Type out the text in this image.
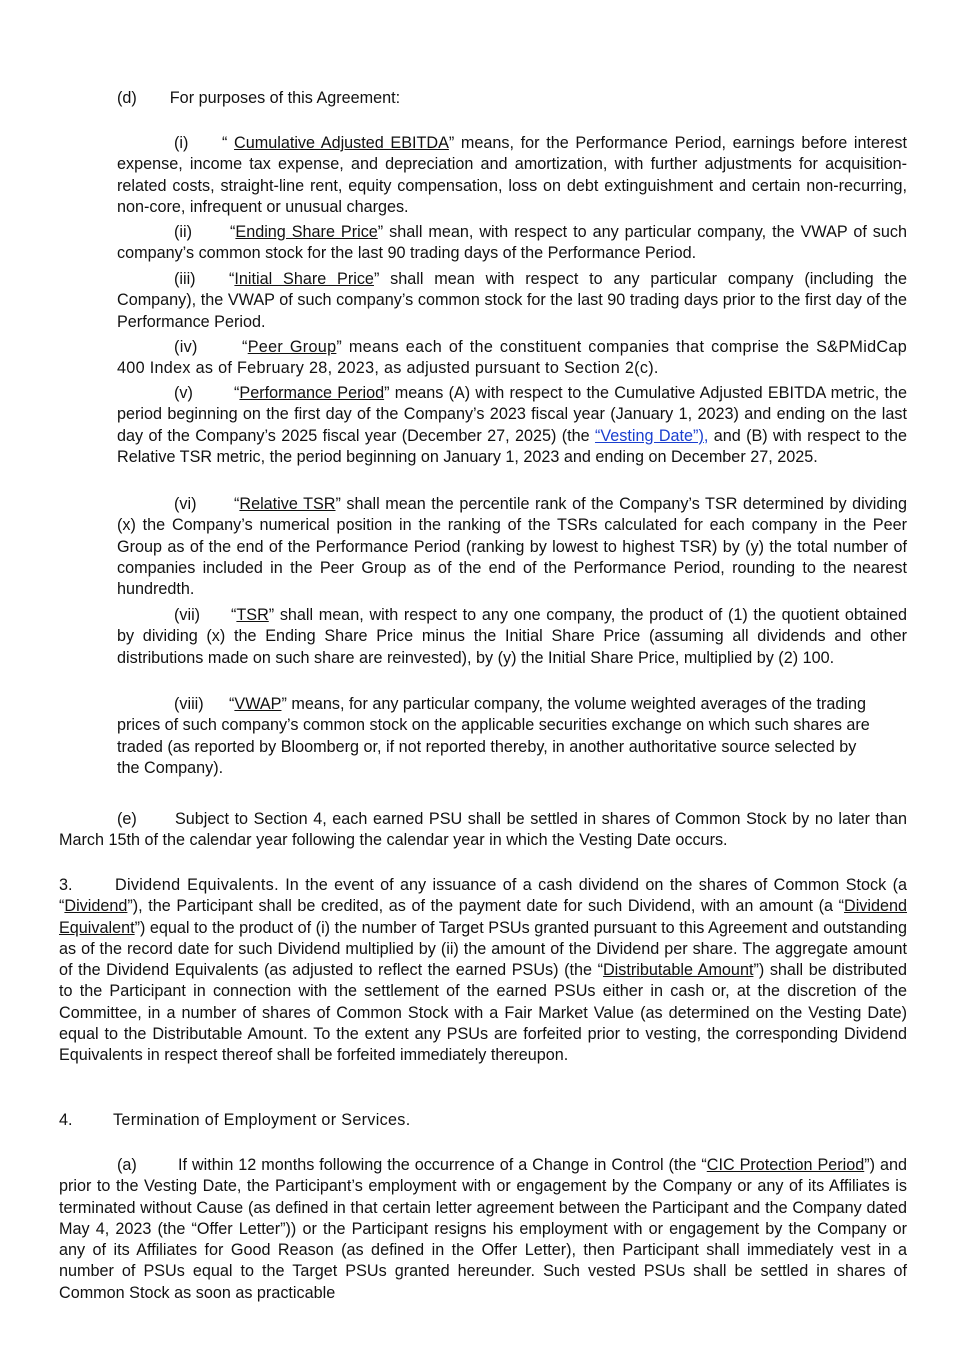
(d) For purposes of this Agreement:

(i) “ Cumulative Adjusted EBITDA” means, for the Performance Period, earnings before interest expense, income tax expense, and depreciation and amortization, with further adjustments for acquisition-related costs, straight-line rent, equity compensation, loss on debt extinguishment and certain non-recurring, non-core, infrequent or unusual charges.

(ii) “Ending Share Price” shall mean, with respect to any particular company, the VWAP of such company’s common stock for the last 90 trading days of the Performance Period.

(iii) “Initial Share Price” shall mean with respect to any particular company (including the Company), the VWAP of such company’s common stock for the last 90 trading days prior to the first day of the Performance Period.

(iv)	“Peer Group” means each of the constituent companies that comprise the S&PMidCap 400 Index as of February 28, 2023, as adjusted pursuant to Section 2(c).

(v)	“Performance Period” means (A) with respect to the Cumulative Adjusted EBITDA metric, the period beginning on the first day of the Company’s 2023 fiscal year (January 1, 2023) and ending on the last day of the Company’s 2025 fiscal year (December 27, 2025) (the “Vesting Date”), and (B) with respect to the Relative TSR metric, the period beginning on January 1, 2023 and ending on December 27, 2025.

(vi) “Relative TSR” shall mean the percentile rank of the Company’s TSR determined by dividing (x) the Company’s numerical position in the ranking of the TSRs calculated for each company in the Peer Group as of the end of the Performance Period (ranking by lowest to highest TSR) by (y) the total number of companies included in the Peer Group as of the end of the Performance Period, rounding to the nearest hundredth.

(vii) “TSR” shall mean, with respect to any one company, the product of (1) the quotient obtained by dividing (x) the Ending Share Price minus the Initial Share Price (assuming all dividends and other distributions made on such share are reinvested), by (y) the Initial Share Price, multiplied by (2) 100.

(viii) “VWAP” means, for any particular company, the volume weighted averages of the trading prices of such company’s common stock on the applicable securities exchange on which such shares are traded (as reported by Bloomberg or, if not reported thereby, in another authoritative source selected by the Company).

(e) Subject to Section 4, each earned PSU shall be settled in shares of Common Stock by no later than March 15th of the calendar year following the calendar year in which the Vesting Date occurs.

3.	Dividend Equivalents. In the event of any issuance of a cash dividend on the shares of Common Stock (a “Dividend”), the Participant shall be credited, as of the payment date for such Dividend, with an amount (a “Dividend Equivalent”) equal to the product of (i) the number of Target PSUs granted pursuant to this Agreement and outstanding as of the record date for such Dividend multiplied by (ii) the amount of the Dividend per share. The aggregate amount of the Dividend Equivalents (as adjusted to reflect the earned PSUs) (the “Distributable Amount”) shall be distributed to the Participant in connection with the settlement of the earned PSUs either in cash or, at the discretion of the Committee, in a number of shares of Common Stock with a Fair Market Value (as determined on the Vesting Date) equal to the Distributable Amount. To the extent any PSUs are forfeited prior to vesting, the corresponding Dividend Equivalents in respect thereof shall be forfeited immediately thereupon.

4. Termination of Employment or Services.

(a)	If within 12 months following the occurrence of a Change in Control (the “CIC Protection Period”) and prior to the Vesting Date, the Participant’s employment with or engagement by the Company or any of its Affiliates is terminated without Cause (as defined in that certain letter agreement between the Participant and the Company dated May 4, 2023 (the “Offer Letter”)) or the Participant resigns his employment with or engagement by the Company or any of its Affiliates for Good Reason (as defined in the Offer Letter), then Participant shall immediately vest in a number of PSUs equal to the Target PSUs granted hereunder. Such vested PSUs shall be settled in shares of Common Stock as soon as practicable
